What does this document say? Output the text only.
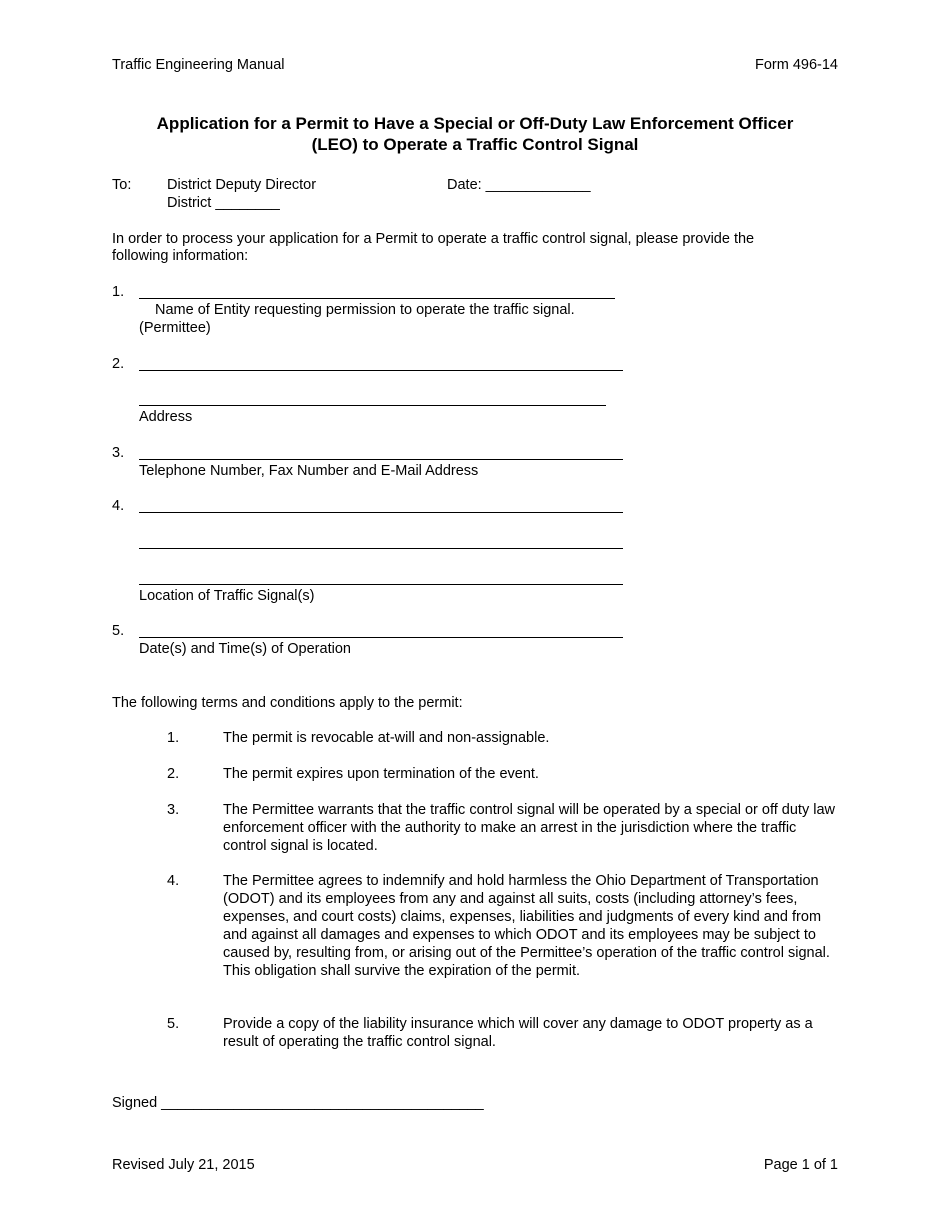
Traffic Engineering Manual	Form 496-14
Application for a Permit to Have a Special or Off-Duty Law Enforcement Officer
(LEO) to Operate a Traffic Control Signal
To: District Deputy Director
District ________
Date: _____________
In order to process your application for a Permit to operate a traffic control signal, please provide the
following information:
1.
Name of Entity requesting permission to operate the traffic signal.
(Permittee)
2.
Address
3.
Telephone Number, Fax Number and E-Mail Address
4.
Location of Traffic Signal(s)
5.
Date(s) and Time(s) of Operation
The following terms and conditions apply to the permit:
1.	The permit is revocable at-will and non-assignable.
2.	The permit expires upon termination of the event.
3.	The Permittee warrants that the traffic control signal will be operated by a special or off duty law enforcement officer with the authority to make an arrest in the jurisdiction where the traffic control signal is located.
4.	The Permittee agrees to indemnify and hold harmless the Ohio Department of Transportation (ODOT) and its employees from any and against all suits, costs (including attorney’s fees, expenses, and court costs) claims, expenses, liabilities and judgments of every kind and from and against all damages and expenses to which ODOT and its employees may be subject to caused by, resulting from, or arising out of the Permittee’s operation of the traffic control signal. This obligation shall survive the expiration of the permit.
5.	Provide a copy of the liability insurance which will cover any damage to ODOT property as a result of operating the traffic control signal.
Signed ________________________________________
Revised July 21, 2015	Page 1 of 1
